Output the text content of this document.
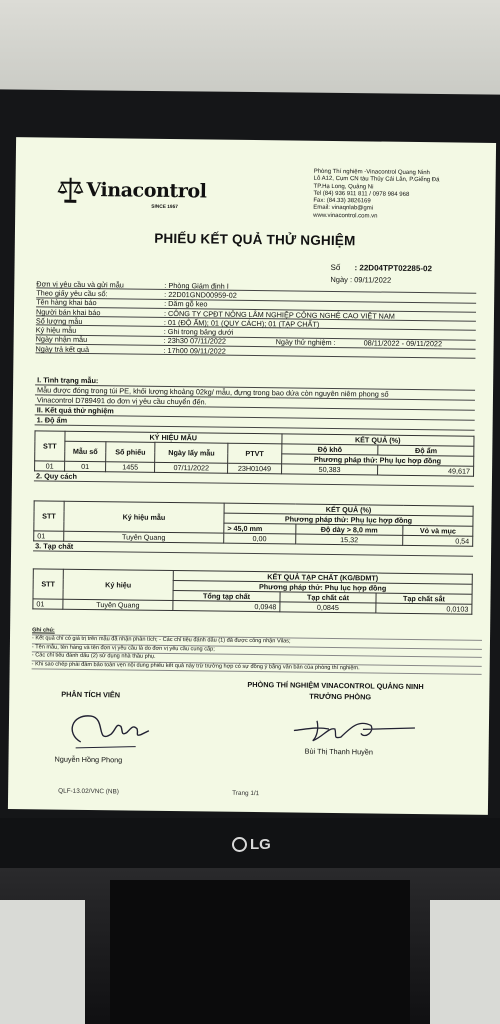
Vinacontrol
SINCE 1957
Phòng Thí nghiệm -Vinacontrol Quang Ninh
Lô A12, Cụm CN tàu Thủy Cái Lân, P.Giếng Đá
TP.Hạ Long, Quảng Ni
Tel (84) 936 911 811 / 0978 984 968
Fax: (84.33) 3826169
Email: vinaqnlab@gmi
www.vinacontrol.com.vn
PHIẾU KẾT QUẢ THỬ NGHIỆM
Số : 22D04TPT02285-02
Ngày : 09/11/2022
Đơn vị yêu cầu và gửi mẫu	: Phòng Giám định I
Theo giấy yêu cầu số:	: 22D01GND00959-02
Tên hàng khai báo	: Dăm gỗ keo
Người bán khai báo	: CÔNG TY CPĐT NÔNG LÂM NGHIỆP CÔNG NGHỆ CAO VIỆT NAM
Số lượng mẫu	: 01 (ĐỘ ẨM); 01 (QUY CÁCH); 01 (TẠP CHẤT)
Ký hiệu mẫu	: Ghi trong bảng dưới
Ngày nhận mẫu	: 23h30 07/11/2022	Ngày thử nghiệm :	08/11/2022 - 09/11/2022
Ngày trả kết quả	: 17h00 09/11/2022
I. Tình trạng mẫu:
Mẫu được đóng trong túi PE, khối lượng khoảng 02kg/ mẫu, đựng trong bao dứa còn nguyên niêm phong số
Vinacontrol D789491 do đơn vị yêu cầu chuyển đến.
II. Kết quả thử nghiệm
1. Độ ẩm
STT	KÝ HIỆU MẪU				KẾT QUẢ (%)	
	Mẫu số	Số phiếu	Ngày lấy mẫu	PTVT	Độ khô	Độ ẩm
					Phương pháp thử: Phụ lục hợp đồng	
01	01	1455	07/11/2022	23H01049	50,383	49,617
2. Quy cách
STT	Ký hiệu mẫu	KẾT QUẢ (%)		
		Phương pháp thử: Phụ lục hợp đồng		
		> 45,0 mm	Độ dày > 8,0 mm	Vỏ và mục
01	Tuyên Quang	0,00	15,32	0,54
3. Tạp chất
STT	Ký hiệu	KẾT QUẢ TẠP CHẤT (KG/BDMT)		
		Phương pháp thử: Phụ lục hợp đồng		
		Tổng tạp chất	Tạp chất cát	Tạp chất sắt
01	Tuyên Quang	0,0948	0,0845	0,0103
Ghi chú:
- Kết quả chỉ có giá trị trên mẫu đã nhận phân tích; - Các chỉ tiêu đánh dấu (1) đã được công nhận Vilas;
- Tên mẫu, tên hàng và tên đơn vị yêu cầu là do đơn vị yêu cầu cung cấp;
- Các chỉ tiêu đánh dấu (2) sử dụng nhà thầu phụ.
- Khi sao chép phải đảm bảo toàn vẹn nội dung phiếu kết quả này trừ trường hợp có sự đồng ý bằng văn bản của phòng thí nghiệm.
PHÂN TÍCH VIÊN
Nguyễn Hồng Phong
PHÒNG THÍ NGHIỆM VINACONTROL QUẢNG NINH
TRƯỞNG PHÒNG
Bùi Thị Thanh Huyền
QLF-13.02/VNC (NB)	Trang 1/1
LG
